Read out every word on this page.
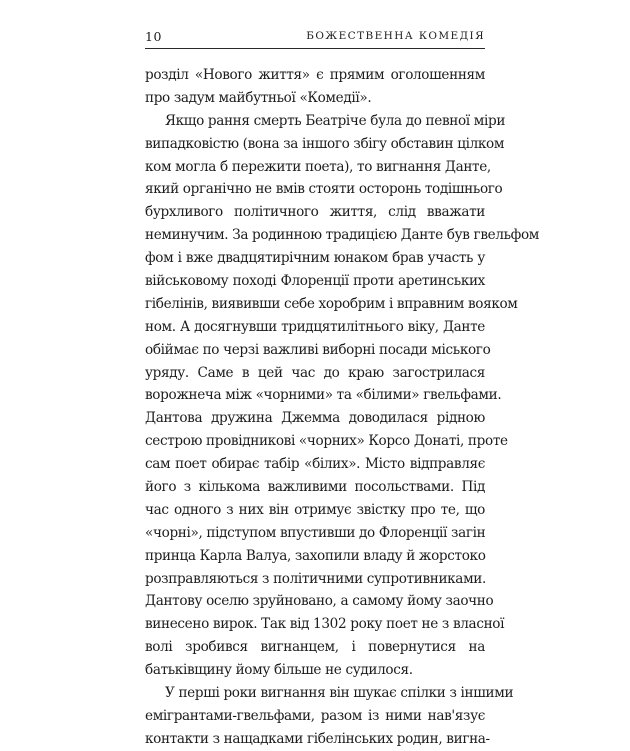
10	БОЖЕСТВЕННА КОМЕДІЯ
розділ «Нового життя» є прямим оголошенням
про задум майбутньої «Комедії».
Якщо рання смерть Беатріче була до певної міри
випадковістю (вона за іншого збігу обставин цілком
ком могла б пережити поета), то вигнання Данте,
який органічно не вмів стояти осторонь тодішнього
бурхливого політичного життя, слід вважати
неминучим. За родинною традицією Данте був гвельфом
фом і вже двадцятирічним юнаком брав участь у
військовому поході Флоренції проти аретинських
гібелінів, виявивши себе хоробрим і вправним вояком
ном. А досягнувши тридцятилітнього віку, Данте
обіймає по черзі важливі виборні посади міського
уряду. Саме в цей час до краю загострилася
ворожнеча між «чорними» та «білими» гвельфами.
Дантова дружина Джемма доводилася рідною
сестрою провідникові «чорних» Корсо Донаті, проте
сам поет обирає табір «білих». Місто відправляє
його з кількома важливими посольствами. Під
час одного з них він отримує звістку про те, що
«чорні», підступом впустивши до Флоренції загін
принца Карла Валуа, захопили владу й жорстоко
розправляються з політичними супротивниками.
Дантову оселю зруйновано, а самому йому заочно
винесено вирок. Так від 1302 року поет не з власної
волі зробився вигнанцем, і повернутися на
батьківщину йому більше не судилося.
У перші роки вигнання він шукає спілки з іншими
емігрантами-гвельфами, разом із ними нав'язує
контакти з нащадками гібелінських родин, вигна-
